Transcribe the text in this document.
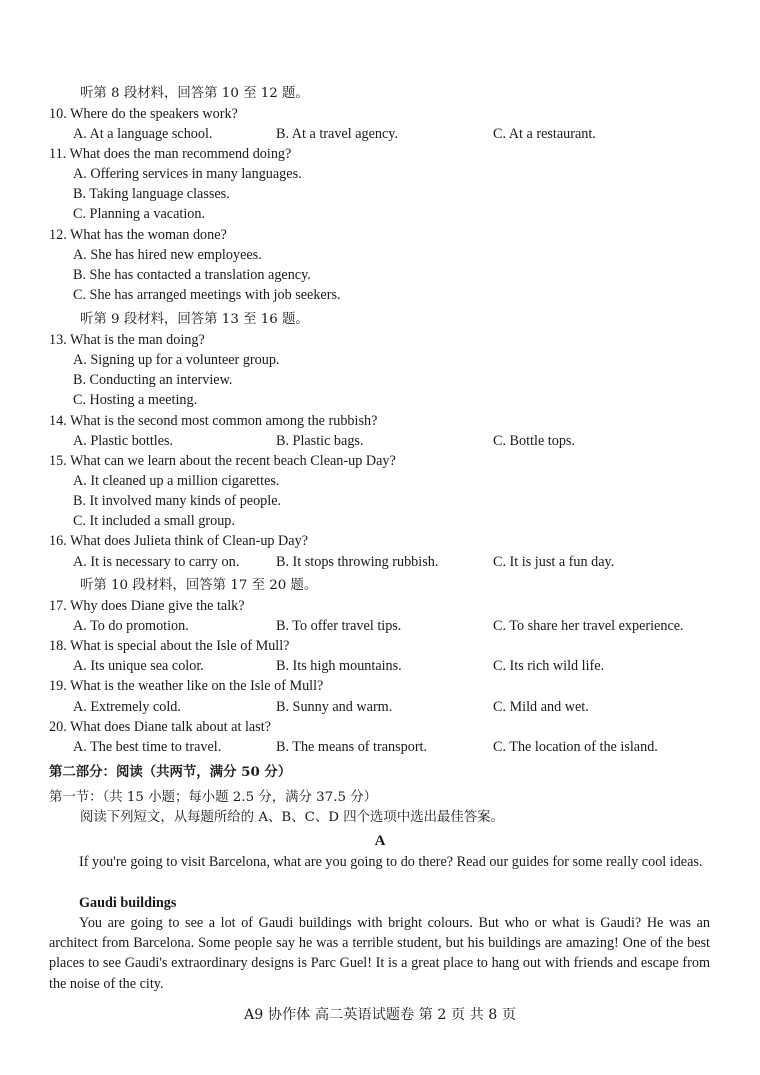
听第 8 段材料，回答第 10 至 12 题。
10. Where do the speakers work?
A. At a language school.	B. At a travel agency.	C. At a restaurant.
11. What does the man recommend doing?
A. Offering services in many languages.
B. Taking language classes.
C. Planning a vacation.
12. What has the woman done?
A. She has hired new employees.
B. She has contacted a translation agency.
C. She has arranged meetings with job seekers.
听第 9 段材料，回答第 13 至 16 题。
13. What is the man doing?
A. Signing up for a volunteer group.
B. Conducting an interview.
C. Hosting a meeting.
14. What is the second most common among the rubbish?
A. Plastic bottles.	B. Plastic bags.	C. Bottle tops.
15. What can we learn about the recent beach Clean-up Day?
A. It cleaned up a million cigarettes.
B. It involved many kinds of people.
C. It included a small group.
16. What does Julieta think of Clean-up Day?
A. It is necessary to carry on.	B. It stops throwing rubbish.	C. It is just a fun day.
听第 10 段材料，回答第 17 至 20 题。
17. Why does Diane give the talk?
A. To do promotion.	B. To offer travel tips.	C. To share her travel experience.
18. What is special about the Isle of Mull?
A. Its unique sea color.	B. Its high mountains.	C. Its rich wild life.
19. What is the weather like on the Isle of Mull?
A. Extremely cold.	B. Sunny and warm.	C. Mild and wet.
20. What does Diane talk about at last?
A. The best time to travel.	B. The means of transport.	C. The location of the island.
第二部分：阅读（共两节，满分 50 分）
第一节：（共 15 小题；每小题 2.5 分，满分 37.5 分）
阅读下列短文，从每题所给的 A、B、C、D 四个选项中选出最佳答案。
A
If you're going to visit Barcelona, what are you going to do there? Read our guides for some really cool ideas.
Gaudi buildings
You are going to see a lot of Gaudi buildings with bright colours. But who or what is Gaudi? He was an architect from Barcelona. Some people say he was a terrible student, but his buildings are amazing! One of the best places to see Gaudi's extraordinary designs is Parc Guel! It is a great place to hang out with friends and escape from the noise of the city.
A9 协作体 高二英语试题卷 第 2 页 共 8 页
